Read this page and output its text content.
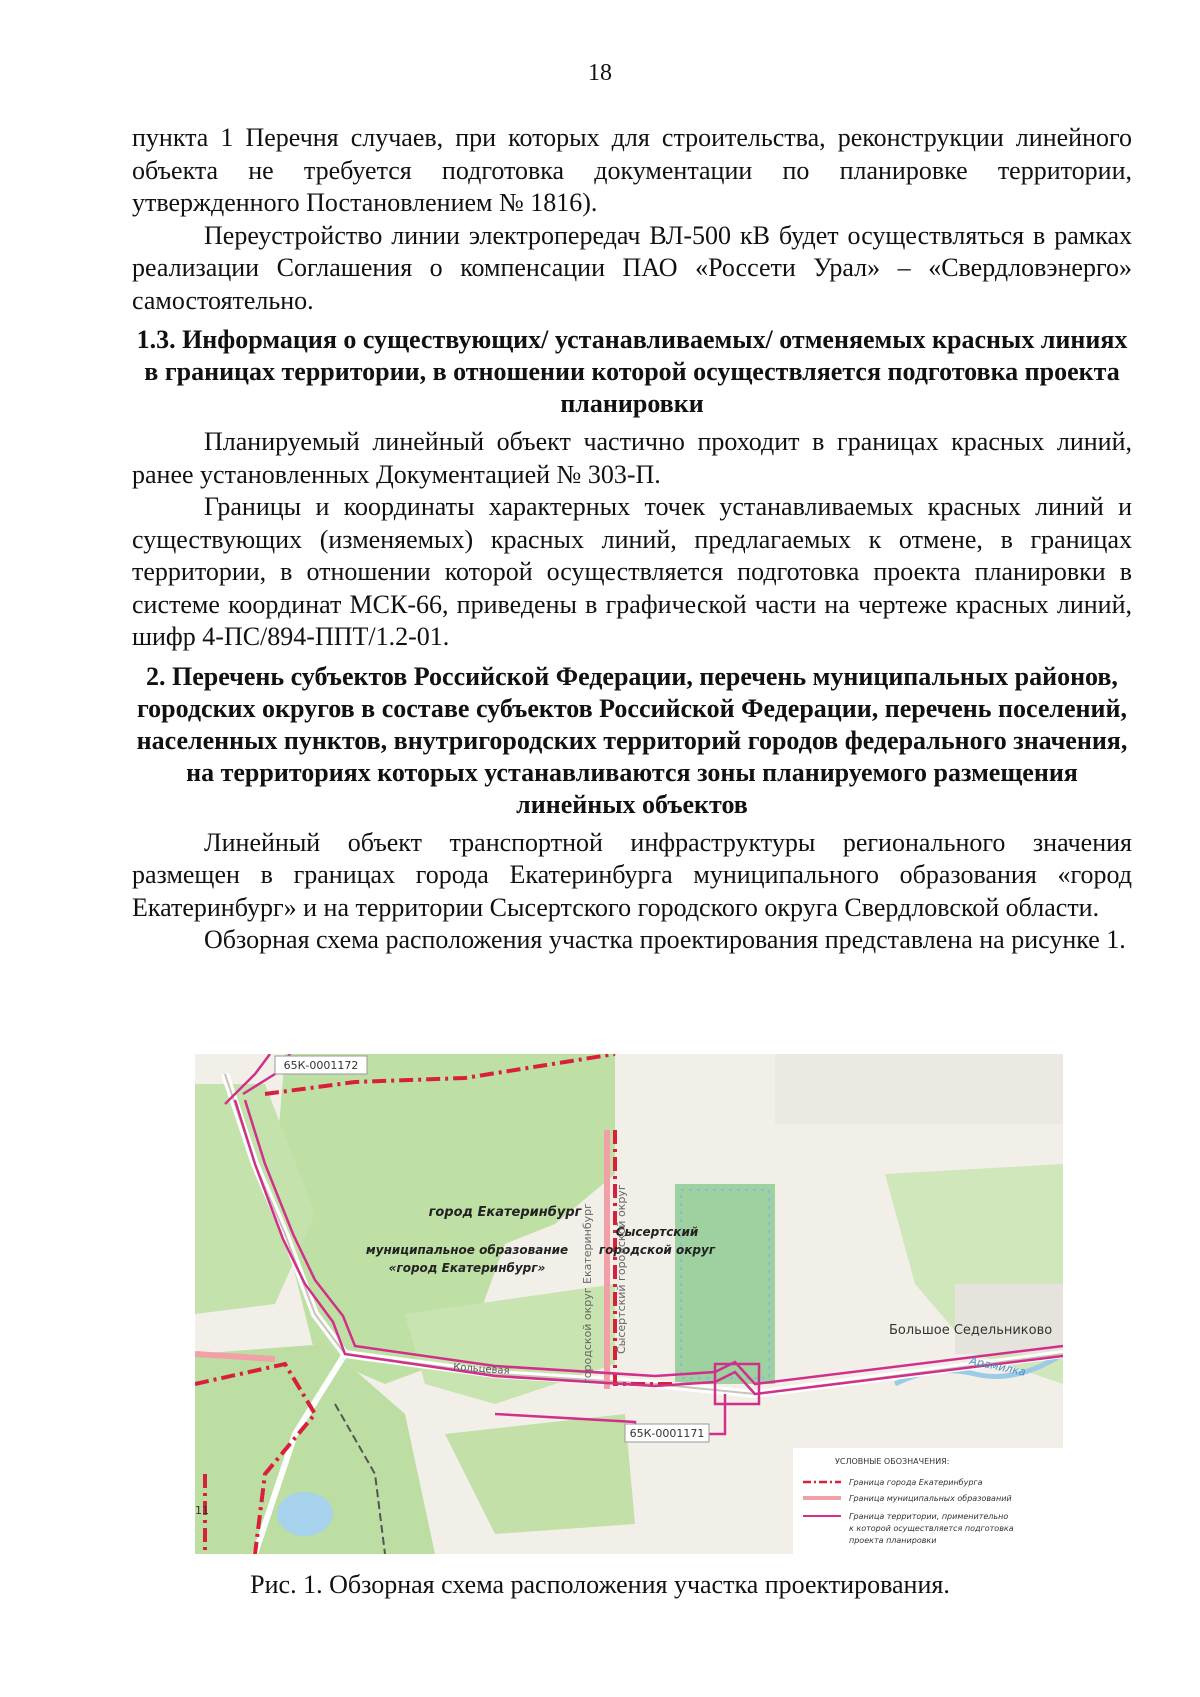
18

пункта 1 Перечня случаев, при которых для строительства, реконструкции линейного объекта не требуется подготовка документации по планировке территории, утвержденного Постановлением № 1816).

Переустройство линии электропередач ВЛ-500 кВ будет осуществляться в рамках реализации Соглашения о компенсации ПАО «Россети Урал» – «Свердловэнерго» самостоятельно.

1.3. Информация о существующих/ устанавливаемых/ отменяемых красных линиях в границах территории, в отношении которой осуществляется подготовка проекта планировки

Планируемый линейный объект частично проходит в границах красных линий, ранее установленных Документацией № 303-П.

Границы и координаты характерных точек устанавливаемых красных линий и существующих (изменяемых) красных линий, предлагаемых к отмене, в границах территории, в отношении которой осуществляется подготовка проекта планировки в системе координат МСК-66, приведены в графической части на чертеже красных линий, шифр 4-ПС/894-ППТ/1.2-01.

2. Перечень субъектов Российской Федерации, перечень муниципальных районов, городских округов в составе субъектов Российской Федерации, перечень поселений, населенных пунктов, внутригородских территорий городов федерального значения, на территориях которых устанавливаются зоны планируемого размещения линейных объектов

Линейный объект транспортной инфраструктуры регионального значения размещен в границах города Екатеринбурга муниципального образования «город Екатеринбург» и на территории Сысертского городского округа Свердловской области.

Обзорная схема расположения участка проектирования представлена на рисунке 1.

65К-0001172
65К-0001171
11
Кольцевая
город Екатеринбург
муниципальное образование
«город Екатеринбург»
Сысертский
городской округ
городской округ Екатеринбург Сысертский городской округ	Большое Седельниково
Арамилка
УСЛОВНЫЕ ОБОЗНАЧЕНИЯ:
Граница города Екатеринбурга
Граница муниципальных образований
Граница территории, применительно
к которой осуществляется подготовка
проекта планировки
Рис. 1. Обзорная схема расположения участка проектирования.
